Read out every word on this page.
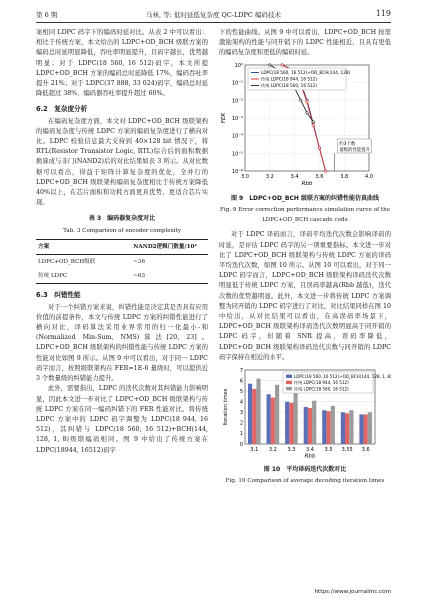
第 6 期	马林, 等: 低时延低复杂度 QC-LDPC 编码技术	119

案相同 LDPC 码字下的编码时延对比。从表 2 中可以看出：相比于传统方案，本文给出的 LDPC+OD_BCH 级联方案的编码总时延明显降低，吞吐率明显提升，且码字越长，优势越明显；对于 LDPC(18 560, 16 512)码字，本文所提 LDPC+OD_BCH 方案的编码总时延降低 17%，编码吞吐率提升 21%；对于 LDPC(37 888, 33 024)码字，编码总时延降低超过 38%，编码器吞吐率提升超过 60%。

6.2　复杂度分析

在编码复杂度方面，本文对 LDPC+OD_BCH 级联架构的编码复杂度与传统 LDPC 方案的编码复杂度进行了横向对比。LDPC 校验信息最大支持到 40×128 bit 情况下，将 RTL(Resistor Transistor Logic, RTL)综合后的面积数据换算成与非门(NAND2)后的对比结果如表 3 所示。从对比数据可以看出，得益于矩阵计算复杂度的优化，全并行的 LDPC+OD_BCH 级联架构编码复杂度相比于传统方案降低 40%以上，在芯片面积和功耗方面更具优势，更适合芯片实现。

表 3　编码器复杂度对比
Tab. 3 Comparison of encoder complexity
方案	NAND2逻辑门数量/10⁴
LDPC+OD_BCH级联	~36
传统 LDPC	~63
6.3　纠错性能

对于一个纠错方案来说，纠错性能是决定其是否具有应用价值的前提条件，本文与传统 LDPC 方案的纠错性能进行了横向对比，译码算法采用业界常用的归一化最小-和(Normalized Min-Sum, NMS)算法[20, 23]。LDPC+OD_BCH 级联架构的纠错性能与传统 LDPC 方案的性能对比如图 9 所示。从图 9 中可以看出，对于同一 LDPC 码字而言，按照级联架构在 FER=1E-6 量级时，可以提供近 3 个数量级的纠错能力提升。

此外，需要指出，LDPC 的迭代次数对其纠错能力影响明显，因此本文进一步对比了 LDPC+OD_BCH 级联架构与传统 LDPC 方案在同一编码纠错下的 FER 性能对比。将传统 LDPC 方案中的 LDPC 码字调整为 LDPC(18 944, 16 512)，其纠错与 LDPC(18 560, 16 512)+BCH(144, 128, 1, 8)级联编码相同。图 9 中给出了传统方案在 LDPC(18944, 16512)码字

下的性能曲线。从图 9 中可以看出，LDPC+OD_BCH 按需激励架构的性能与同开销下的 LDPC 性能相近，且具有更低的编码复杂度和更低的编码时延。

10⁰
10⁻¹
10⁻²
10⁻³
10⁻⁴
10⁻⁵
10⁻⁶
3.0	3.2	3.4	3.6	3.8	4.0
Rbb
FER
LDPC(18 560, 16 512)+OD_BCH(144, 128)
传统 LDPC(18 944, 16 512)
传统 LDPC(18 560, 16 512)
约3个数
量级的性能提升
图 9　LDPC+OD_BCH 级联方案的纠错性能仿真曲线
Fig. 9 Error correction performance simulation curve of the LDPC+OD_BCH cascade code

对于 LDPC 译码而言，译码平均迭代次数会影响译码的时延，是评估 LDPC 码字的另一项重要指标。本文进一步对比了 LDPC+OD_BCH 级联架构与传统 LDPC 方案的译码平均迭代次数，如图 10 所示。从图 10 可以看出，对于同一 LDPC 码字而言，LDPC+OD_BCH 级联架构译码迭代次数明显低于传统 LDPC 方案，且误码率越高(Rbb 越低)，迭代次数的优势越明显。此外，本文进一步将传统 LDPC 方案调整为同开销的 LDPC 码字进行了对比，对比结果同样在图 10 中给出，从对比结果可以看出，在高误码率场景下，LDPC+OD_BCH 级联架构译码迭代次数明显高于同开销的 LDPC 码字，但随着 SNR 提高，误码率降低，LDPC+OD_BCH 级联架构译码迭代次数与同开销的 LDPC 码字保持在相近的水平。

0
1
2
3
4
5
6
7
3.1 3.2 3.3 3.4 3.5 3.55 3.6
Rbb
Iteration times
LDPC(18 560, 16 512)+OD_BCH(144, 128, 1, 8)
传统 LDPC(18 944, 16 512)
传统 LDPC(18 560, 16 512)
图 10　平均译码迭代次数对比
Fig. 10 Comparison of average decoding iteration times
https://www.journalmc.com
